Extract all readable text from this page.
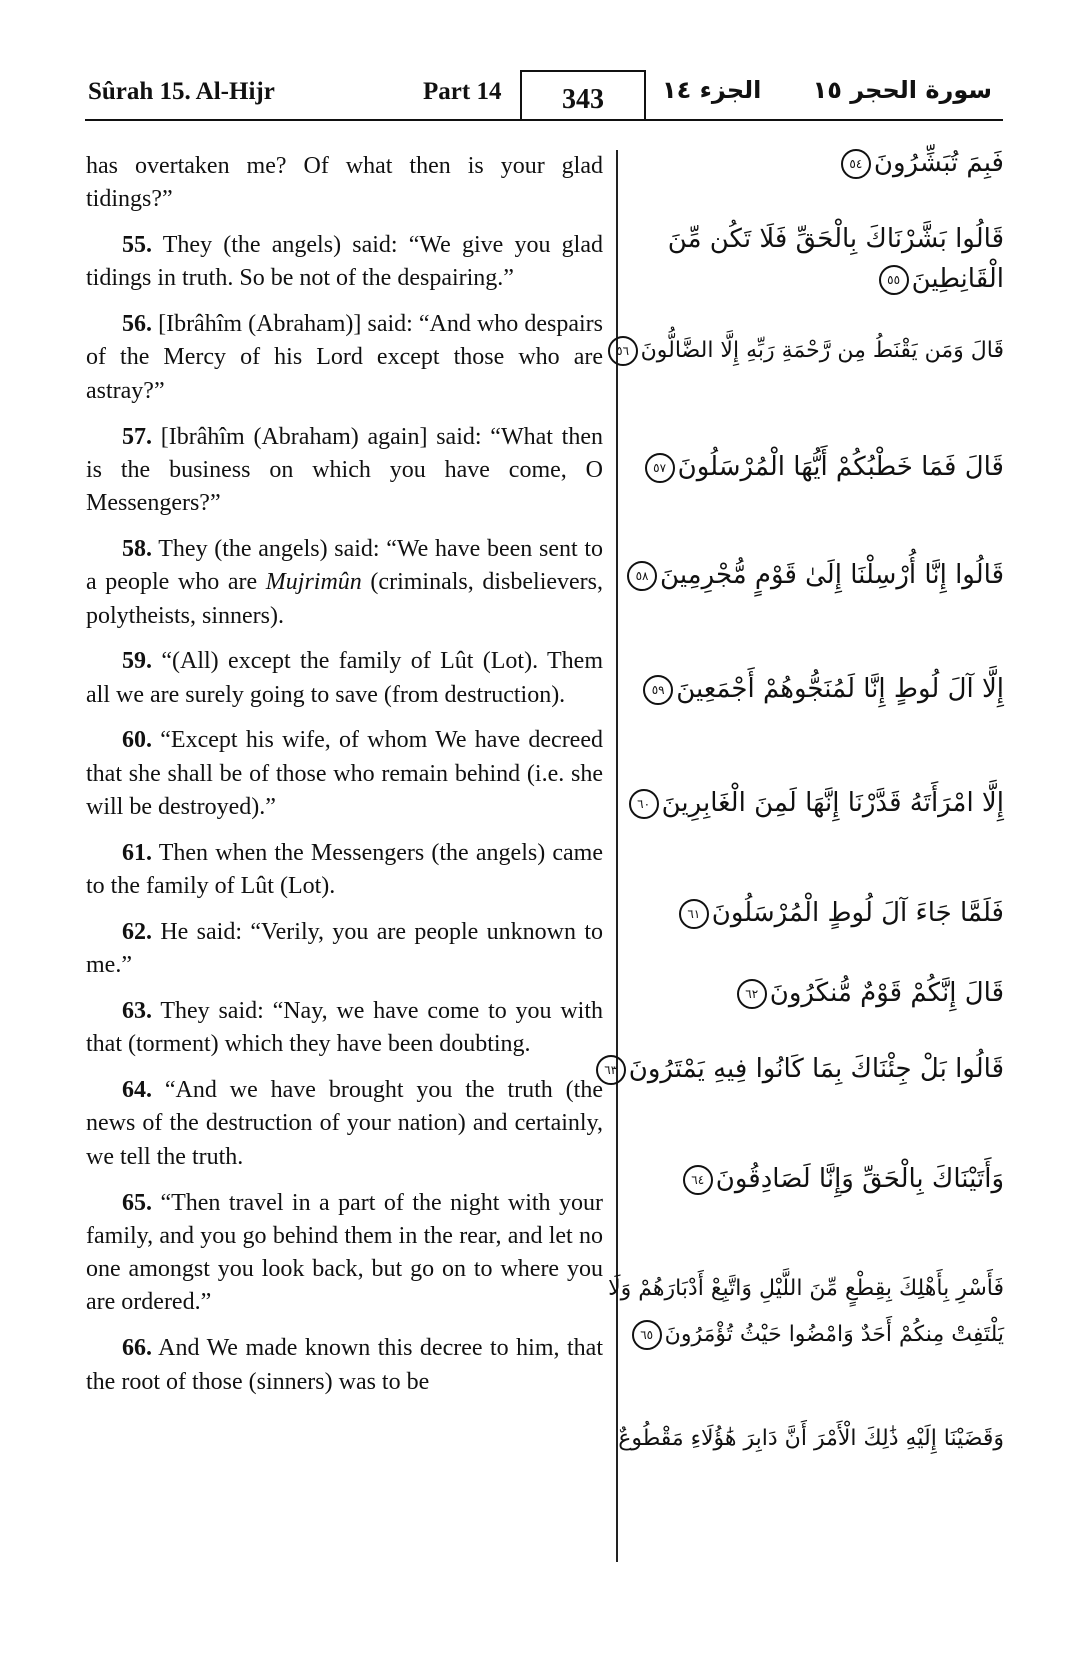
Sûrah 15. Al-Hijr	Part 14	343	الجزء ١٤ سورة الحجر ١٥

has overtaken me? Of what then is your glad tidings?”

55. They (the angels) said: “We give you glad tidings in truth. So be not of the despairing.”

56. [Ibrâhîm (Abraham)] said: “And who despairs of the Mercy of his Lord except those who are astray?”

57. [Ibrâhîm (Abraham) again] said: “What then is the business on which you have come, O Messengers?”

58. They (the angels) said: “We have been sent to a people who are Mujrimûn (criminals, disbelievers, polytheists, sinners).

59. “(All) except the family of Lût (Lot). Them all we are surely going to save (from destruction).

60. “Except his wife, of whom We have decreed that she shall be of those who remain behind (i.e. she will be destroyed).”

61. Then when the Messengers (the angels) came to the family of Lût (Lot).

62. He said: “Verily, you are people unknown to me.”

63. They said: “Nay, we have come to you with that (torment) which they have been doubting.

64. “And we have brought you the truth (the news of the destruction of your nation) and certainly, we tell the truth.

65. “Then travel in a part of the night with your family, and you go behind them in the rear, and let no one amongst you look back, but go on to where you are ordered.”

66. And We made known this decree to him, that the root of those (sinners) was to be

فَبِمَ تُبَشِّرُونَ٥٤
قَالُوا بَشَّرْنَاكَ بِالْحَقِّ فَلَا تَكُن مِّنَ
الْقَانِطِينَ٥٥
قَالَ وَمَن يَقْنَطُ مِن رَّحْمَةِ رَبِّهِ إِلَّا الضَّالُّونَ٥٦
قَالَ فَمَا خَطْبُكُمْ أَيُّهَا الْمُرْسَلُونَ٥٧
قَالُوا إِنَّا أُرْسِلْنَا إِلَىٰ قَوْمٍ مُّجْرِمِينَ٥٨
إِلَّا آلَ لُوطٍ إِنَّا لَمُنَجُّوهُمْ أَجْمَعِينَ٥٩
إِلَّا امْرَأَتَهُ قَدَّرْنَا إِنَّهَا لَمِنَ الْغَابِرِينَ٦٠
فَلَمَّا جَاءَ آلَ لُوطٍ الْمُرْسَلُونَ٦١
قَالَ إِنَّكُمْ قَوْمٌ مُّنكَرُونَ٦٢
قَالُوا بَلْ جِئْنَاكَ بِمَا كَانُوا فِيهِ يَمْتَرُونَ٦٣
وَأَتَيْنَاكَ بِالْحَقِّ وَإِنَّا لَصَادِقُونَ٦٤
فَأَسْرِ بِأَهْلِكَ بِقِطْعٍ مِّنَ اللَّيْلِ وَاتَّبِعْ أَدْبَارَهُمْ وَلَا
يَلْتَفِتْ مِنكُمْ أَحَدٌ وَامْضُوا حَيْثُ تُؤْمَرُونَ٦٥
وَقَضَيْنَا إِلَيْهِ ذَٰلِكَ الْأَمْرَ أَنَّ دَابِرَ هَٰؤُلَاءِ مَقْطُوعٌ
